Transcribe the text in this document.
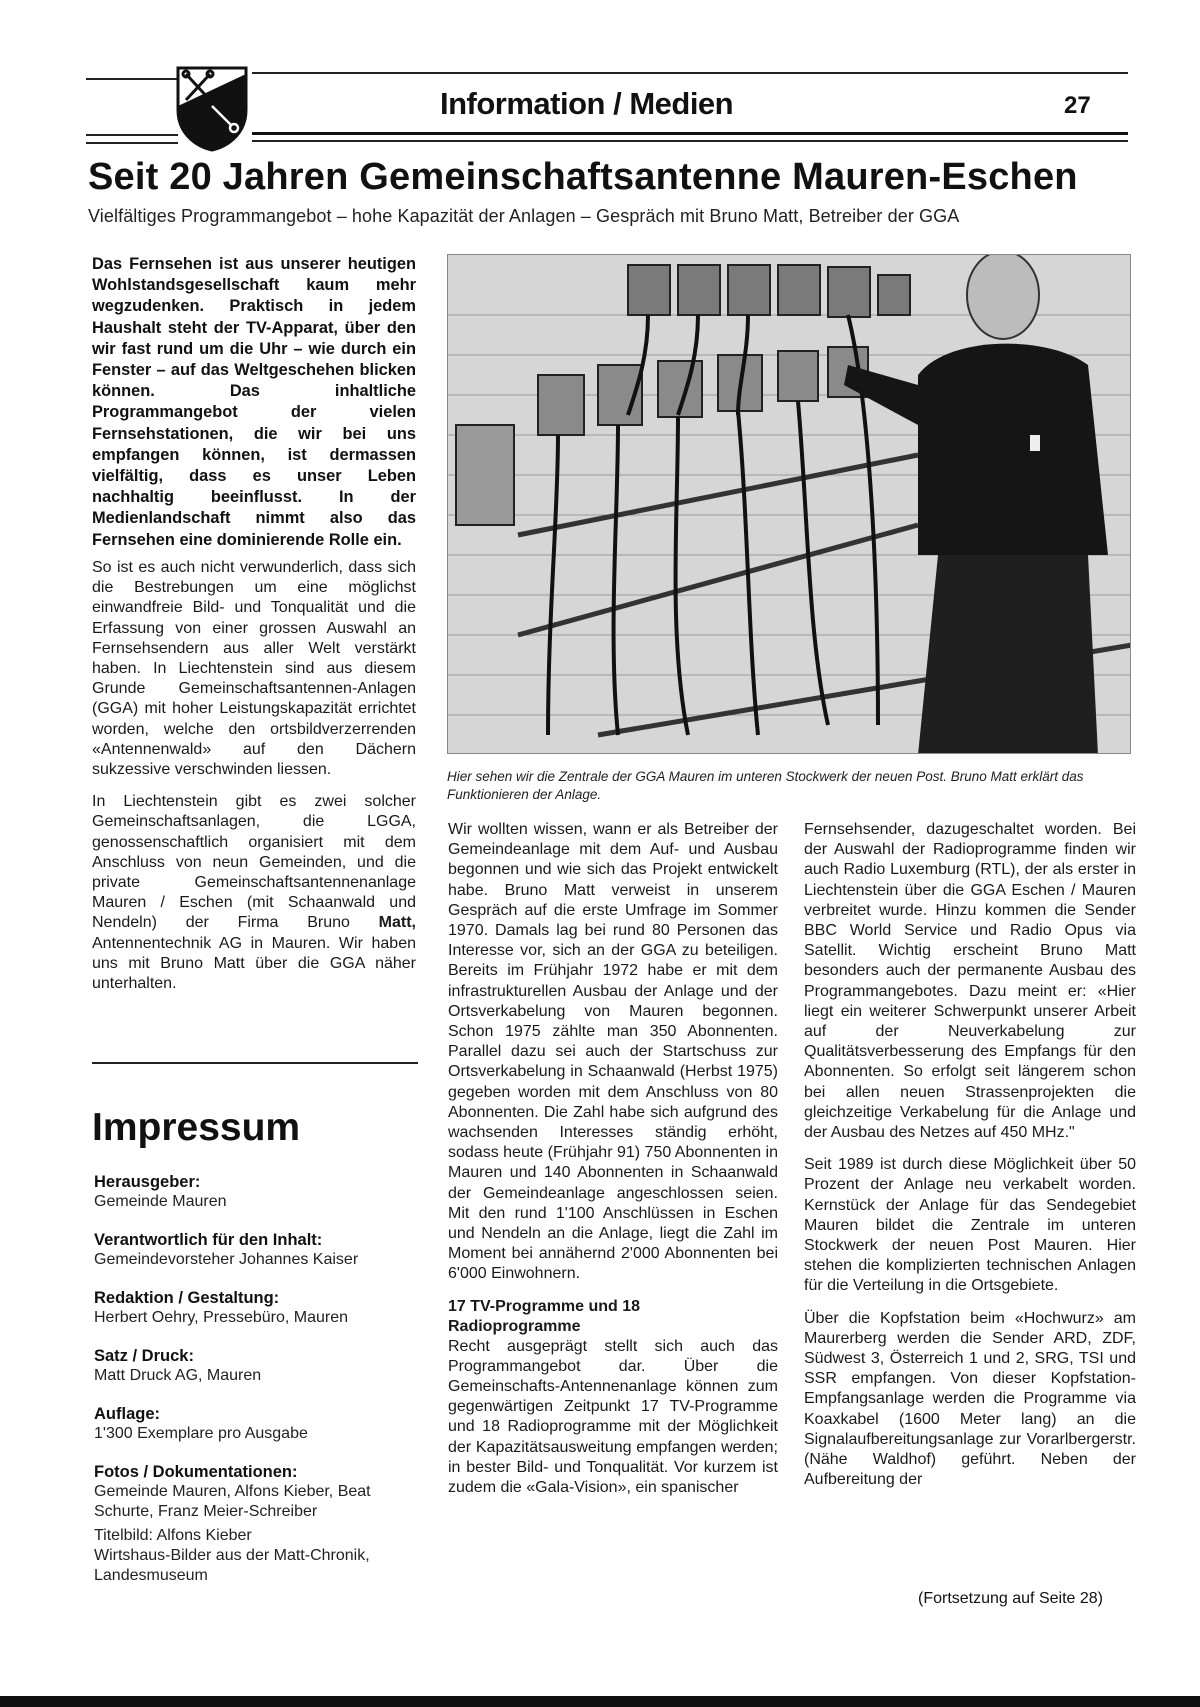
Information / Medien	27
Seit 20 Jahren Gemeinschaftsantenne Mauren-Eschen
Vielfältiges Programmangebot – hohe Kapazität der Anlagen – Gespräch mit Bruno Matt, Betreiber der GGA
Das Fernsehen ist aus unserer heutigen Wohlstandsgesellschaft kaum mehr wegzudenken. Praktisch in jedem Haushalt steht der TV-Apparat, über den wir fast rund um die Uhr – wie durch ein Fenster – auf das Weltgeschehen blicken können. Das inhaltliche Programmangebot der vielen Fernsehstationen, die wir bei uns empfangen können, ist dermassen vielfältig, dass es unser Leben nachhaltig beeinflusst. In der Medienlandschaft nimmt also das Fernsehen eine dominierende Rolle ein.

So ist es auch nicht verwunderlich, dass sich die Bestrebungen um eine möglichst einwandfreie Bild- und Tonqualität und die Erfassung von einer grossen Auswahl an Fernsehsendern aus aller Welt verstärkt haben. In Liechtenstein sind aus diesem Grunde Gemeinschaftsantennen-Anlagen (GGA) mit hoher Leistungskapazität errichtet worden, welche den ortsbildverzerrenden «Antennenwald» auf den Dächern sukzessive verschwinden liessen.

In Liechtenstein gibt es zwei solcher Gemeinschaftsanlagen, die LGGA, genossenschaftlich organisiert mit dem Anschluss von neun Gemeinden, und die private Gemeinschaftsantennenanlage Mauren / Eschen (mit Schaanwald und Nendeln) der Firma Bruno Matt, Antennentechnik AG in Mauren. Wir haben uns mit Bruno Matt über die GGA näher unterhalten.

Hier sehen wir die Zentrale der GGA Mauren im unteren Stockwerk der neuen Post. Bruno Matt erklärt das Funktionieren der Anlage.

Wir wollten wissen, wann er als Betreiber der Gemeindeanlage mit dem Auf- und Ausbau begonnen und wie sich das Projekt entwickelt habe. Bruno Matt verweist in unserem Gespräch auf die erste Umfrage im Sommer 1970. Damals lag bei rund 80 Personen das Interesse vor, sich an der GGA zu beteiligen. Bereits im Frühjahr 1972 habe er mit dem infrastrukturellen Ausbau der Anlage und der Ortsverkabelung von Mauren begonnen. Schon 1975 zählte man 350 Abonnenten. Parallel dazu sei auch der Startschuss zur Ortsverkabelung in Schaanwald (Herbst 1975) gegeben worden mit dem Anschluss von 80 Abonnenten. Die Zahl habe sich aufgrund des wachsenden Interesses ständig erhöht, sodass heute (Frühjahr 91) 750 Abonnenten in Mauren und 140 Abonnenten in Schaanwald der Gemeindeanlage angeschlossen seien. Mit den rund 1'100 Anschlüssen in Eschen und Nendeln an die Anlage, liegt die Zahl im Moment bei annähernd 2'000 Abonnenten bei 6'000 Einwohnern.

17 TV-Programme und 18 Radioprogramme

Recht ausgeprägt stellt sich auch das Programmangebot dar. Über die Gemeinschafts-Antennenanlage können zum gegenwärtigen Zeitpunkt 17 TV-Programme und 18 Radioprogramme mit der Möglichkeit der Kapazitätsausweitung empfangen werden; in bester Bild- und Tonqualität. Vor kurzem ist zudem die «Gala-Vision», ein spanischer

Fernsehsender, dazugeschaltet worden. Bei der Auswahl der Radioprogramme finden wir auch Radio Luxemburg (RTL), der als erster in Liechtenstein über die GGA Eschen / Mauren verbreitet wurde. Hinzu kommen die Sender BBC World Service und Radio Opus via Satellit. Wichtig erscheint Bruno Matt besonders auch der permanente Ausbau des Programmangebotes. Dazu meint er: «Hier liegt ein weiterer Schwerpunkt unserer Arbeit auf der Neuverkabelung zur Qualitätsverbesserung des Empfangs für den Abonnenten. So erfolgt seit längerem schon bei allen neuen Strassenprojekten die gleichzeitige Verkabelung für die Anlage und der Ausbau des Netzes auf 450 MHz."

Seit 1989 ist durch diese Möglichkeit über 50 Prozent der Anlage neu verkabelt worden. Kernstück der Anlage für das Sendegebiet Mauren bildet die Zentrale im unteren Stockwerk der neuen Post Mauren. Hier stehen die komplizierten technischen Anlagen für die Verteilung in die Ortsgebiete.

Über die Kopfstation beim «Hochwurz» am Maurerberg werden die Sender ARD, ZDF, Südwest 3, Österreich 1 und 2, SRG, TSI und SSR empfangen. Von dieser Kopfstation-Empfangsanlage werden die Programme via Koaxkabel (1600 Meter lang) an die Signalaufbereitungsanlage zur Vorarlbergerstr. (Nähe Waldhof) geführt. Neben der Aufbereitung der

(Fortsetzung auf Seite 28)
Impressum
Herausgeber:
Gemeinde Mauren
Verantwortlich für den Inhalt:
Gemeindevorsteher Johannes Kaiser
Redaktion / Gestaltung:
Herbert Oehry, Pressebüro, Mauren
Satz / Druck:
Matt Druck AG, Mauren
Auflage:
1'300 Exemplare pro Ausgabe
Fotos / Dokumentationen:
Gemeinde Mauren, Alfons Kieber, Beat Schurte, Franz Meier-Schreiber
Titelbild: Alfons Kieber
Wirtshaus-Bilder aus der Matt-Chronik, Landesmuseum
